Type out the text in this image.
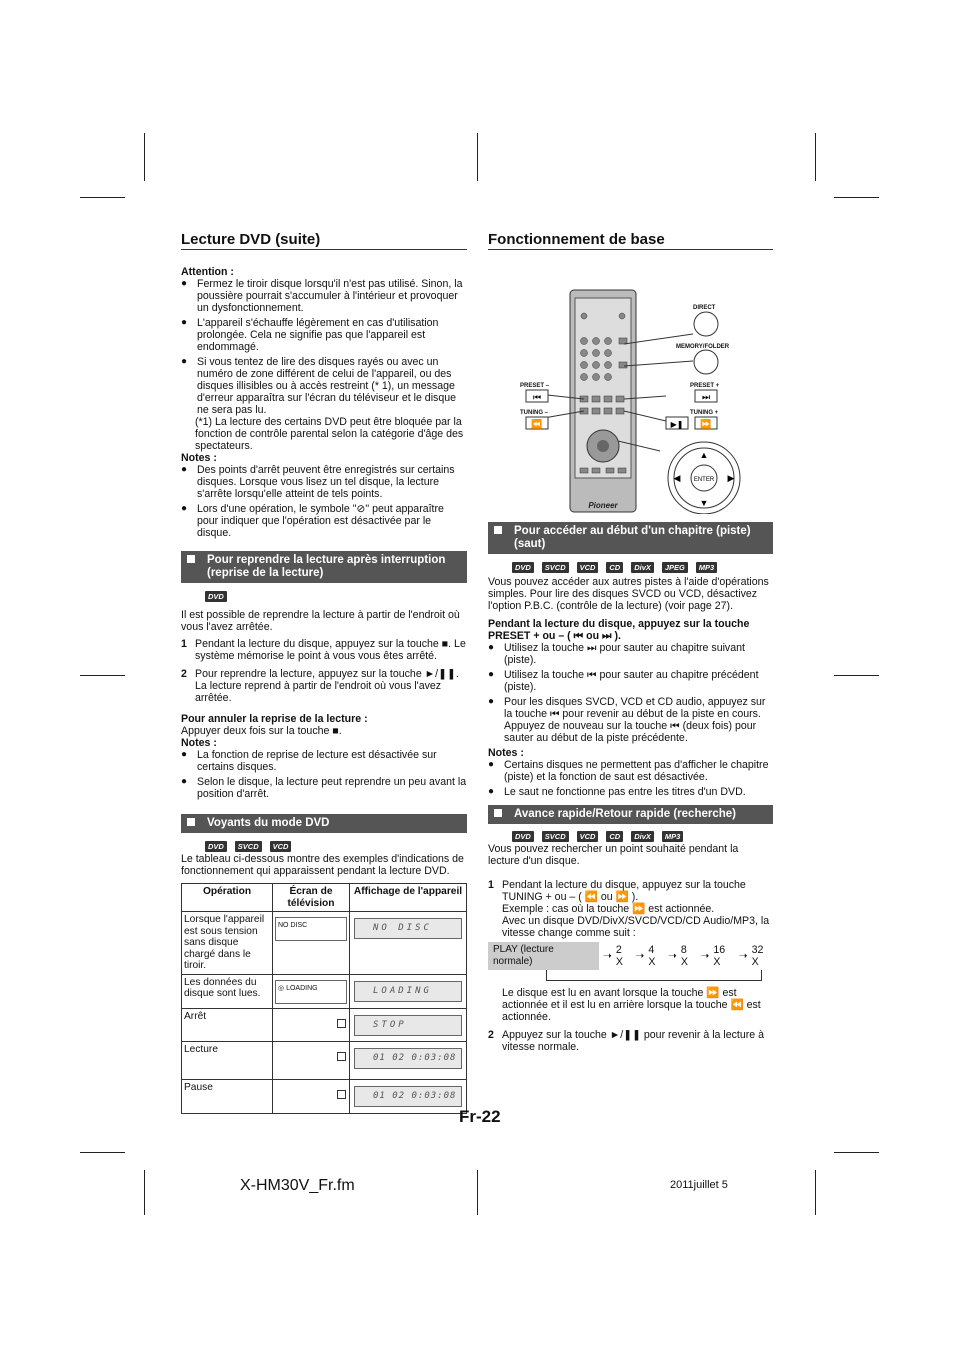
Lecture DVD (suite)

Attention :

● Fermez le tiroir disque lorsqu'il n'est pas utilisé. Sinon, la poussière pourrait s'accumuler à l'intérieur et provoquer un dysfonctionnement.
● L'appareil s'échauffe légèrement en cas d'utilisation prolongée. Cela ne signifie pas que l'appareil est endommagé.
● Si vous tentez de lire des disques rayés ou avec un numéro de zone différent de celui de l'appareil, ou des disques illisibles ou à accès restreint (* 1), un message d'erreur apparaîtra sur l'écran du téléviseur et le disque ne sera pas lu.

(*1) La lecture des certains DVD peut être bloquée par la fonction de contrôle parental selon la catégorie d'âge des spectateurs.

Notes :

● Des points d'arrêt peuvent être enregistrés sur certains disques. Lorsque vous lisez un tel disque, la lecture s'arrête lorsqu'elle atteint de tels points.
● Lors d'une opération, le symbole "⊘" peut apparaître pour indiquer que l'opération est désactivée par le disque.
Pour reprendre la lecture après interruption (reprise de la lecture)
DVD

Il est possible de reprendre la lecture à partir de l'endroit où vous l'avez arrêtée.

1 Pendant la lecture du disque, appuyez sur la touche ■. Le système mémorise le point à vous vous êtes arrêté.
2 Pour reprendre la lecture, appuyez sur la touche ►/❚❚. La lecture reprend à partir de l'endroit où vous l'avez arrêtée.

Pour annuler la reprise de la lecture :

Appuyer deux fois sur la touche ■.

Notes :

● La fonction de reprise de lecture est désactivée sur certains disques.
● Selon le disque, la lecture peut reprendre un peu avant la position d'arrêt.
Voyants du mode DVD
DVD SVCD VCD

Le tableau ci-dessous montre des exemples d'indications de fonctionnement qui apparaissent pendant la lecture DVD.

Opération	Écran de télévision	Affichage de l'appareil
Lorsque l'appareil est sous tension sans disque chargé dans le tiroir.	NO DISC	NO DISC

Les données du disque sont lues.	◎ LOADING	LOADING

Arrêt		STOP

Lecture		01 02 0:03:08

Pause		01 02 0:03:08
Fonctionnement de base
Pioneer
⏮
⏪
⏭
▶❚ ⏩
ENTER
▲
▼
◀	▶
DIRECT
MEMORY/FOLDER
PRESET –	PRESET +
TUNING –	TUNING +
Pour accéder au début d'un chapitre (piste) (saut)
DVD SVCD VCD CD DivX JPEG MP3

Vous pouvez accéder aux autres pistes à l'aide d'opérations simples. Pour lire des disques SVCD ou VCD, désactivez l'option P.B.C. (contrôle de la lecture) (voir page 27).

Pendant la lecture du disque, appuyez sur la touche PRESET + ou – ( ⏮ ou ⏭ ).

● Utilisez la touche ⏭ pour sauter au chapitre suivant (piste).
● Utilisez la touche ⏮ pour sauter au chapitre précédent (piste).
● Pour les disques SVCD, VCD et CD audio, appuyez sur la touche ⏮ pour revenir au début de la piste en cours. Appuyez de nouveau sur la touche ⏮ (deux fois) pour sauter au début de la piste précédente.

Notes :

● Certains disques ne permettent pas d'afficher le chapitre (piste) et la fonction de saut est désactivée.
● Le saut ne fonctionne pas entre les titres d'un DVD.
Avance rapide/Retour rapide (recherche)
DVD SVCD VCD CD DivX MP3

Vous pouvez rechercher un point souhaité pendant la lecture d'un disque.

1 Pendant la lecture du disque, appuyez sur la touche TUNING + ou – ( ⏪ ou ⏩ ).
Exemple : cas où la touche ⏩ est actionnée.
Avec un disque DVD/DivX/SVCD/VCD/CD Audio/MP3, la vitesse change comme suit :
PLAY (lecture normale)	➝ 2 X	➝ 4 X	➝ 8 X	➝ 16 X	➝ 32 X

Le disque est lu en avant lorsque la touche ⏩ est actionnée et il est lu en arrière lorsque la touche ⏪ est actionnée.

2 Appuyez sur la touche ►/❚❚ pour revenir à la lecture à vitesse normale.
Fr-22
X-HM30V_Fr.fm	2011juillet 5
